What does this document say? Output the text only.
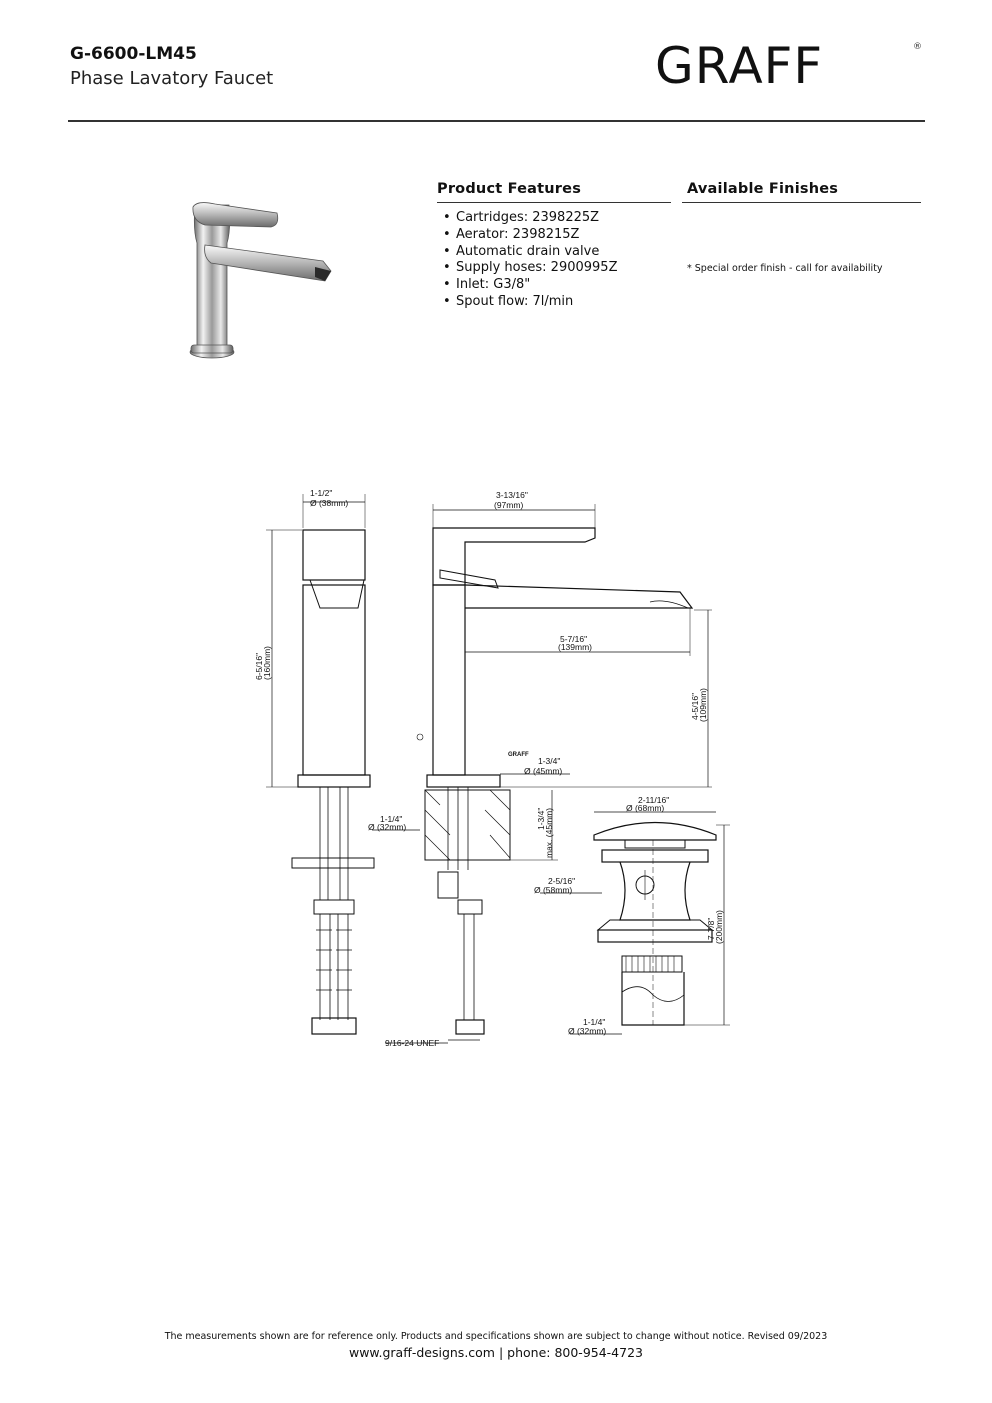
G-6600-LM45
Phase Lavatory Faucet	GRAFF	®
Product Features
• Cartridges: 2398225Z
• Aerator: 2398215Z
• Automatic drain valve
• Supply hoses: 2900995Z
• Inlet: G3/8"
• Spout flow: 7l/min
Available Finishes
* Special order finish - call for availability
1-1/2"
Ø (38mm)
6-5/16"
(160mm)
1-1/4"
Ø (32mm)
3-13/16"
(97mm)
5-7/16"
(139mm)
4-5/16"
(109mm)
1-3/4"
Ø (45mm)
GRAFF
1-3/4"
max. (45mm)
9/16-24 UNEF
2-11/16"
Ø (68mm)
2-5/16"
Ø (58mm)
7-7/8"
(200mm)
1-1/4"
Ø (32mm)
The measurements shown are for reference only. Products and specifications shown are subject to change without notice. Revised 09/2023
www.graff-designs.com | phone: 800-954-4723
